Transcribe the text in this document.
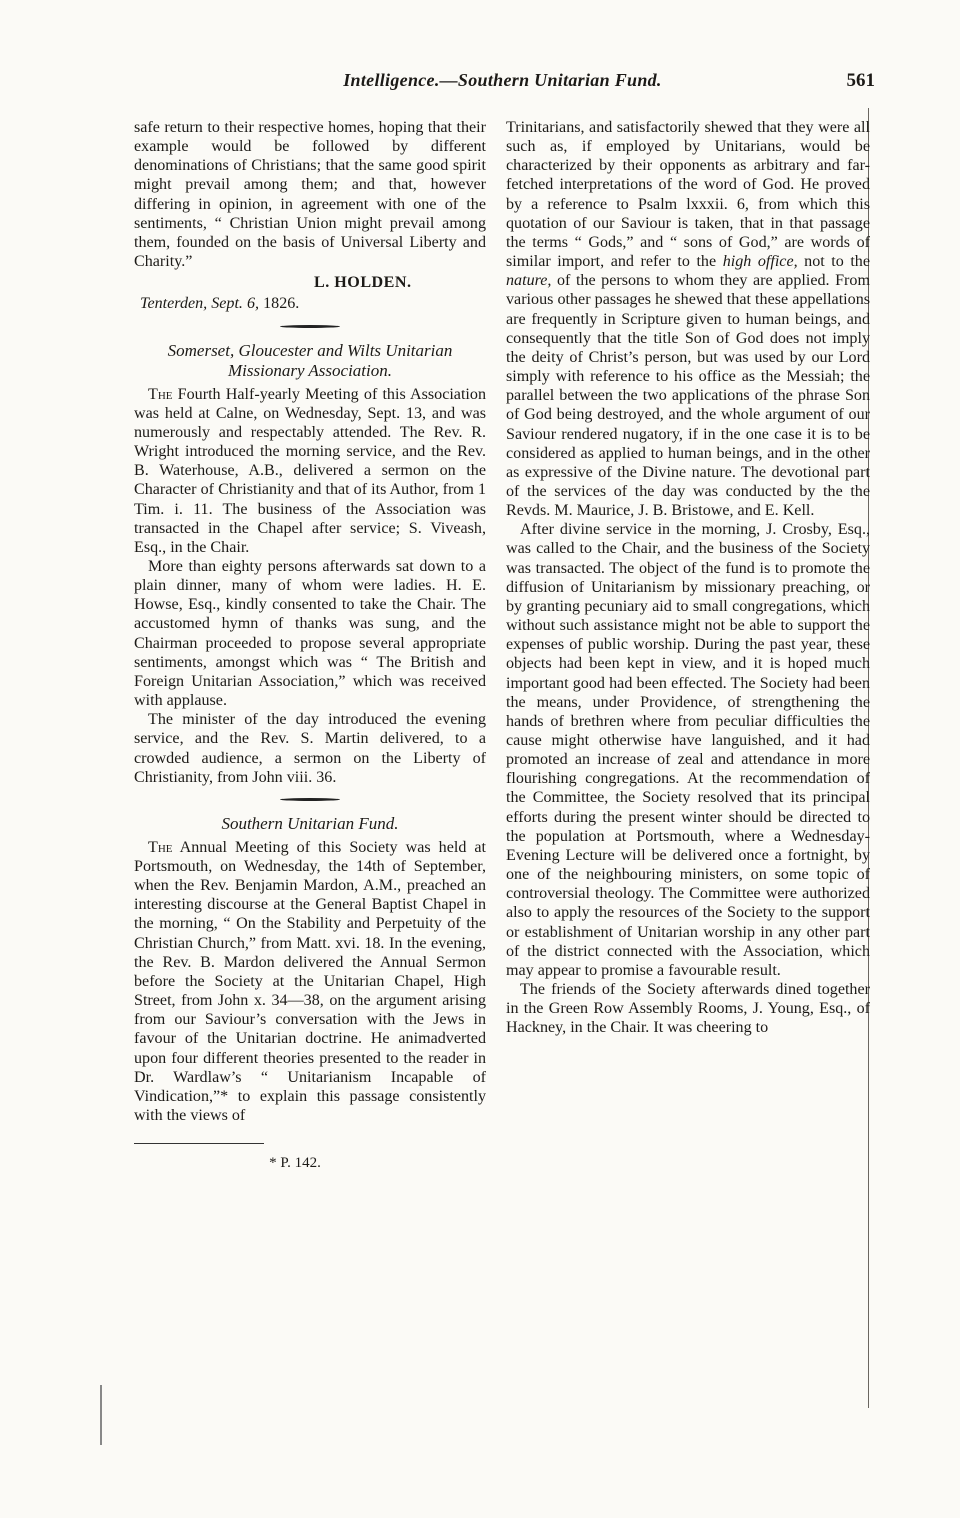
Intelligence.—Southern Unitarian Fund.	561

safe return to their respective homes, hoping that their example would be followed by different denominations of Christians; that the same good spirit might prevail among them; and that, however differing in opinion, in agreement with one of the sentiments, “ Christian Union might prevail among them, founded on the basis of Universal Liberty and Charity.”

L. HOLDEN.

Tenterden, Sept. 6, 1826.

Somerset, Gloucester and Wilts Unitarian Missionary Association.

The Fourth Half-yearly Meeting of this Association was held at Calne, on Wednesday, Sept. 13, and was numerously and respectably attended. The Rev. R. Wright introduced the morning service, and the Rev. B. Waterhouse, A.B., delivered a sermon on the Character of Christianity and that of its Author, from 1 Tim. i. 11. The business of the Association was transacted in the Chapel after service; S. Viveash, Esq., in the Chair.

More than eighty persons afterwards sat down to a plain dinner, many of whom were ladies. H. E. Howse, Esq., kindly consented to take the Chair. The accustomed hymn of thanks was sung, and the Chairman proceeded to propose several appropriate sentiments, amongst which was “ The British and Foreign Unitarian Association,” which was received with applause.

The minister of the day introduced the evening service, and the Rev. S. Martin delivered, to a crowded audience, a sermon on the Liberty of Christianity, from John viii. 36.

Southern Unitarian Fund.

The Annual Meeting of this Society was held at Portsmouth, on Wednesday, the 14th of September, when the Rev. Benjamin Mardon, A.M., preached an interesting discourse at the General Baptist Chapel in the morning, “ On the Stability and Perpetuity of the Christian Church,” from Matt. xvi. 18. In the evening, the Rev. B. Mardon delivered the Annual Sermon before the Society at the Unitarian Chapel, High Street, from John x. 34—38, on the argument arising from our Saviour’s conversation with the Jews in favour of the Unitarian doctrine. He animadverted upon four different theories presented to the reader in Dr. Wardlaw’s “ Unitarianism Incapable of Vindication,”* to explain this passage consistently with the views of

* P. 142.

Trinitarians, and satisfactorily shewed that they were all such as, if employed by Unitarians, would be characterized by their opponents as arbitrary and far-fetched interpretations of the word of God. He proved by a reference to Psalm lxxxii. 6, from which this quotation of our Saviour is taken, that in that passage the terms “ Gods,” and “ sons of God,” are words of similar import, and refer to the high office, not to the nature, of the persons to whom they are applied. From various other passages he shewed that these appellations are frequently in Scripture given to human beings, and consequently that the title Son of God does not imply the deity of Christ’s person, but was used by our Lord simply with reference to his office as the Messiah; the parallel between the two applications of the phrase Son of God being destroyed, and the whole argument of our Saviour rendered nugatory, if in the one case it is to be considered as applied to human beings, and in the other as expressive of the Divine nature. The devotional part of the services of the day was conducted by the the Revds. M. Maurice, J. B. Bristowe, and E. Kell.

After divine service in the morning, J. Crosby, Esq., was called to the Chair, and the business of the Society was transacted. The object of the fund is to promote the diffusion of Unitarianism by missionary preaching, or by granting pecuniary aid to small congregations, which without such assistance might not be able to support the expenses of public worship. During the past year, these objects had been kept in view, and it is hoped much important good had been effected. The Society had been the means, under Providence, of strengthening the hands of brethren where from peculiar difficulties the cause might otherwise have languished, and it had promoted an increase of zeal and attendance in more flourishing congregations. At the recommendation of the Committee, the Society resolved that its principal efforts during the present winter should be directed to the population at Portsmouth, where a Wednesday-Evening Lecture will be delivered once a fortnight, by one of the neighbouring ministers, on some topic of controversial theology. The Committee were authorized also to apply the resources of the Society to the support or establishment of Unitarian worship in any other part of the district connected with the Association, which may appear to promise a favourable result.

The friends of the Society afterwards dined together in the Green Row Assembly Rooms, J. Young, Esq., of Hackney, in the Chair. It was cheering to
